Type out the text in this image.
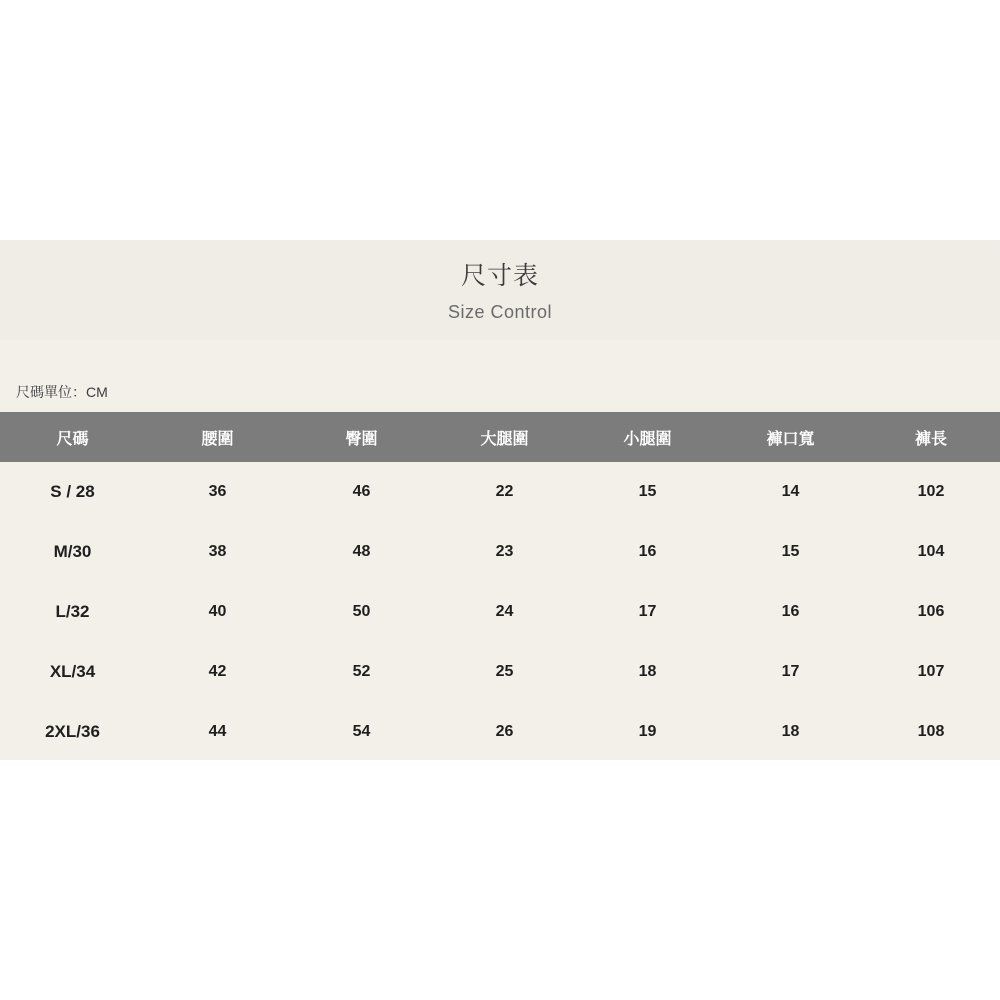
尺寸表
Size Control
尺碼單位：CM
尺碼	腰圍	臀圍	大腿圍	小腿圍	褲口寬	褲長
S / 28	36	46	22	15	14	102
M/30	38	48	23	16	15	104
L/32	40	50	24	17	16	106
XL/34	42	52	25	18	17	107
2XL/36	44	54	26	19	18	108
